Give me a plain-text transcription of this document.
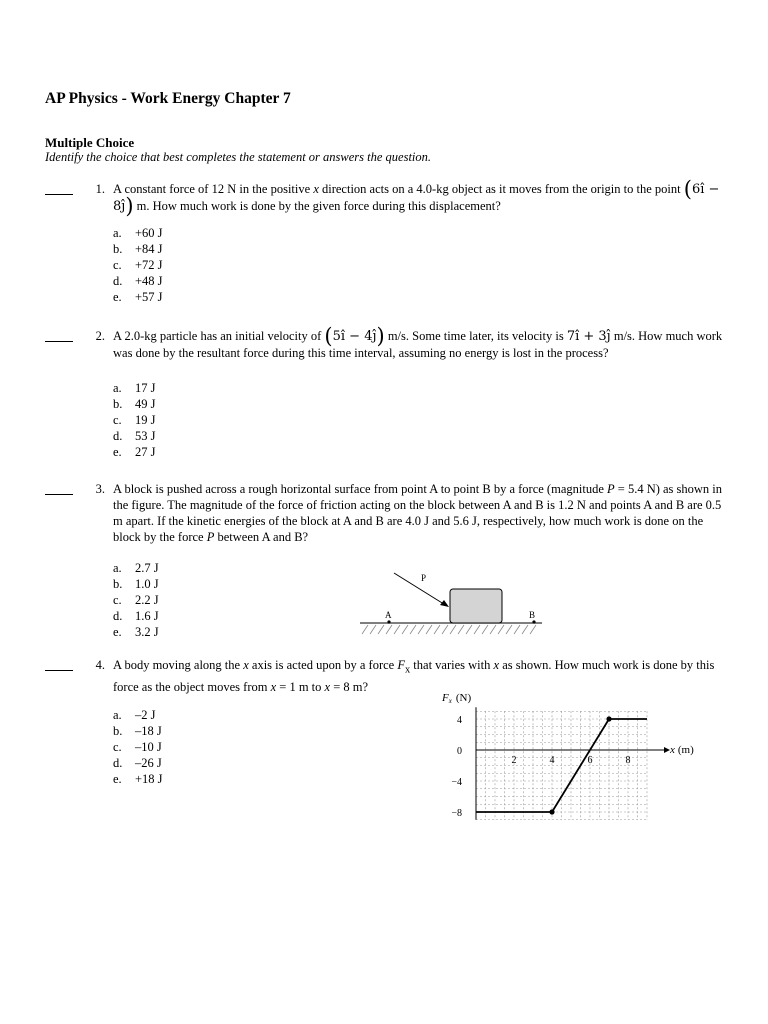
AP Physics - Work Energy Chapter 7
Multiple Choice
Identify the choice that best completes the statement or answers the question.
1. A constant force of 12 N in the positive x direction acts on a 4.0-kg object as it moves from the origin to the point (6î − 8ĵ) m. How much work is done by the given force during this displacement?
a. +60 J
b. +84 J
c. +72 J
d. +48 J
e. +57 J
2. A 2.0-kg particle has an initial velocity of (5î − 4ĵ) m/s. Some time later, its velocity is 7î + 3ĵ m/s. How much work was done by the resultant force during this time interval, assuming no energy is lost in the process?
a. 17 J
b. 49 J
c. 19 J
d. 53 J
e. 27 J
3. A block is pushed across a rough horizontal surface from point A to point B by a force (magnitude P = 5.4 N) as shown in the figure. The magnitude of the force of friction acting on the block between A and B is 1.2 N and points A and B are 0.5 m apart. If the kinetic energies of the block at A and B are 4.0 J and 5.6 J, respectively, how much work is done on the block by the force P between A and B?
a. 2.7 J
b. 1.0 J
c. 2.2 J
d. 1.6 J
e. 3.2 J
P
A	B
4. A body moving along the x axis is acted upon by a force $F_x$ that varies with x as shown. How much work is done by this force as the object moves from x = 1 m to x = 8 m?
a. –2 J
b. –18 J
c. –10 J
d. –26 J
e. +18 J
2	4	6	8
4
0
−4
−8
Fx (N)
x (m)
